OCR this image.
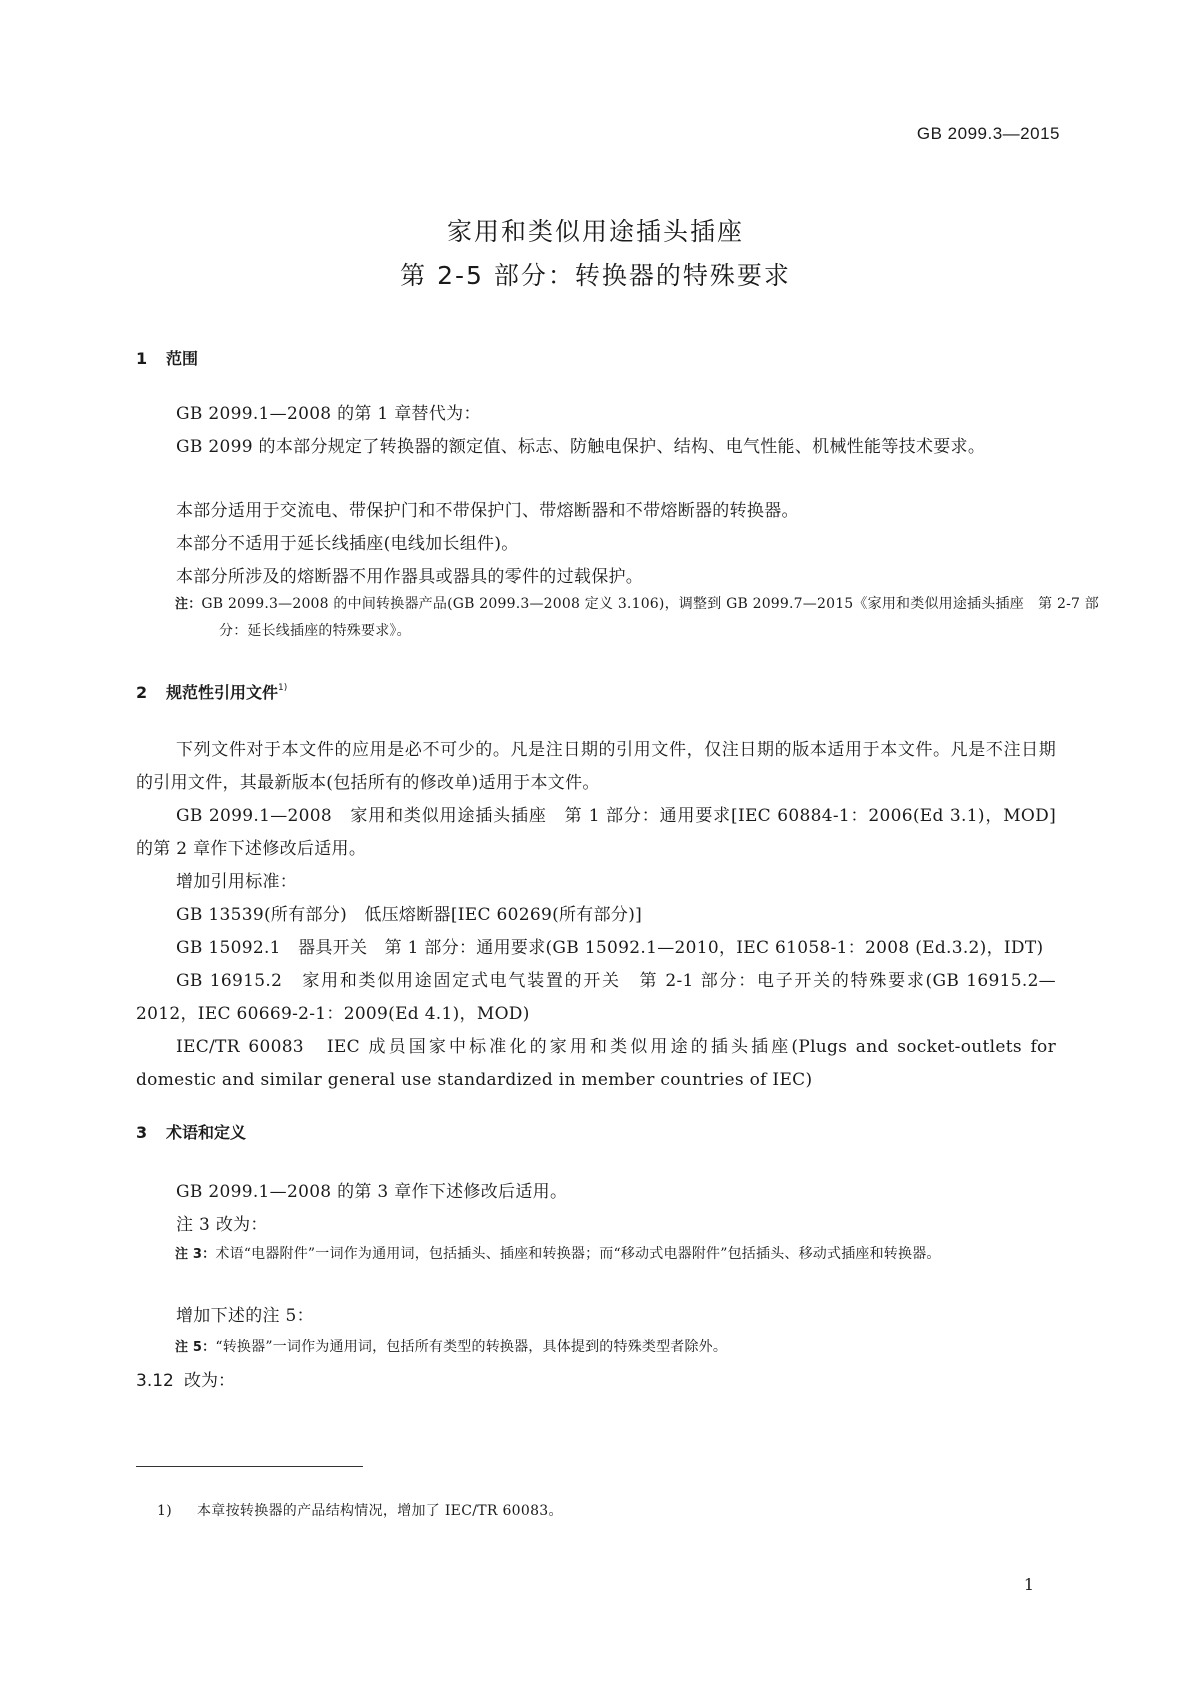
GB 2099.3—2015
家用和类似用途插头插座
第 2-5 部分：转换器的特殊要求
1 范围
GB 2099.1—2008 的第 1 章替代为：
GB 2099 的本部分规定了转换器的额定值、标志、防触电保护、结构、电气性能、机械性能等技术要求。
本部分适用于交流电、带保护门和不带保护门、带熔断器和不带熔断器的转换器。
本部分不适用于延长线插座(电线加长组件)。
本部分所涉及的熔断器不用作器具或器具的零件的过载保护。
注：GB 2099.3—2008 的中间转换器产品(GB 2099.3—2008 定义 3.106)，调整到 GB 2099.7—2015《家用和类似用途插头插座　第 2-7 部分：延长线插座的特殊要求》。
2 规范性引用文件$^{1)}$
下列文件对于本文件的应用是必不可少的。凡是注日期的引用文件，仅注日期的版本适用于本文件。凡是不注日期的引用文件，其最新版本(包括所有的修改单)适用于本文件。
GB 2099.1—2008　家用和类似用途插头插座　第 1 部分：通用要求[IEC 60884-1：2006(Ed 3.1)，MOD]的第 2 章作下述修改后适用。
增加引用标准：
GB 13539(所有部分)　低压熔断器[IEC 60269(所有部分)]
GB 15092.1　器具开关　第 1 部分：通用要求(GB 15092.1—2010，IEC 61058-1：2008 (Ed.3.2)，IDT)
GB 16915.2　家用和类似用途固定式电气装置的开关　第 2-1 部分：电子开关的特殊要求(GB 16915.2—2012，IEC 60669-2-1：2009(Ed 4.1)，MOD)
IEC/TR 60083　IEC 成员国家中标准化的家用和类似用途的插头插座(Plugs and socket-outlets for domestic and similar general use standardized in member countries of IEC)
3 术语和定义
GB 2099.1—2008 的第 3 章作下述修改后适用。
注 3 改为：
注 3：术语“电器附件”一词作为通用词，包括插头、插座和转换器；而“移动式电器附件”包括插头、移动式插座和转换器。
增加下述的注 5：
注 5：“转换器”一词作为通用词，包括所有类型的转换器，具体提到的特殊类型者除外。
3.12 改为：
1) 本章按转换器的产品结构情况，增加了 IEC/TR 60083。
1
